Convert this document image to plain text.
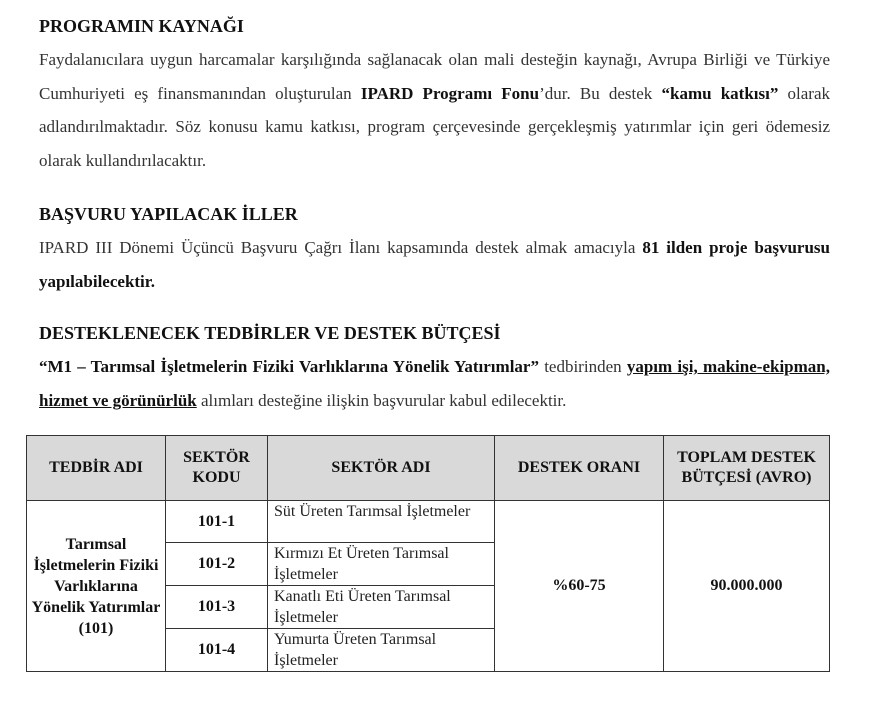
PROGRAMIN KAYNAĞI

Faydalanıcılara uygun harcamalar karşılığında sağlanacak olan mali desteğin kaynağı, Avrupa Birliği ve Türkiye Cumhuriyeti eş finansmanından oluşturulan IPARD Programı Fonu’dur. Bu destek “kamu katkısı” olarak adlandırılmaktadır. Söz konusu kamu katkısı, program çerçevesinde gerçekleşmiş yatırımlar için geri ödemesiz olarak kullandırılacaktır.

BAŞVURU YAPILACAK İLLER

IPARD III Dönemi Üçüncü Başvuru Çağrı İlanı kapsamında destek almak amacıyla 81 ilden proje başvurusu yapılabilecektir.

DESTEKLENECEK TEDBİRLER VE DESTEK BÜTÇESİ

“M1 – Tarımsal İşletmelerin Fiziki Varlıklarına Yönelik Yatırımlar” tedbirinden yapım işi, makine-ekipman, hizmet ve görünürlük alımları desteğine ilişkin başvurular kabul edilecektir.

TEDBİR ADI	SEKTÖR KODU	SEKTÖR ADI	DESTEK ORANI	TOPLAM DESTEK BÜTÇESİ (AVRO)
Tarımsal İşletmelerin Fiziki Varlıklarına Yönelik Yatırımlar (101)	101-1	Süt Üreten Tarımsal İşletmeler	%60-75	90.000.000
	101-2	Kırmızı Et Üreten Tarımsal İşletmeler		
	101-3	Kanatlı Eti Üreten Tarımsal İşletmeler		
	101-4	Yumurta Üreten Tarımsal İşletmeler		
